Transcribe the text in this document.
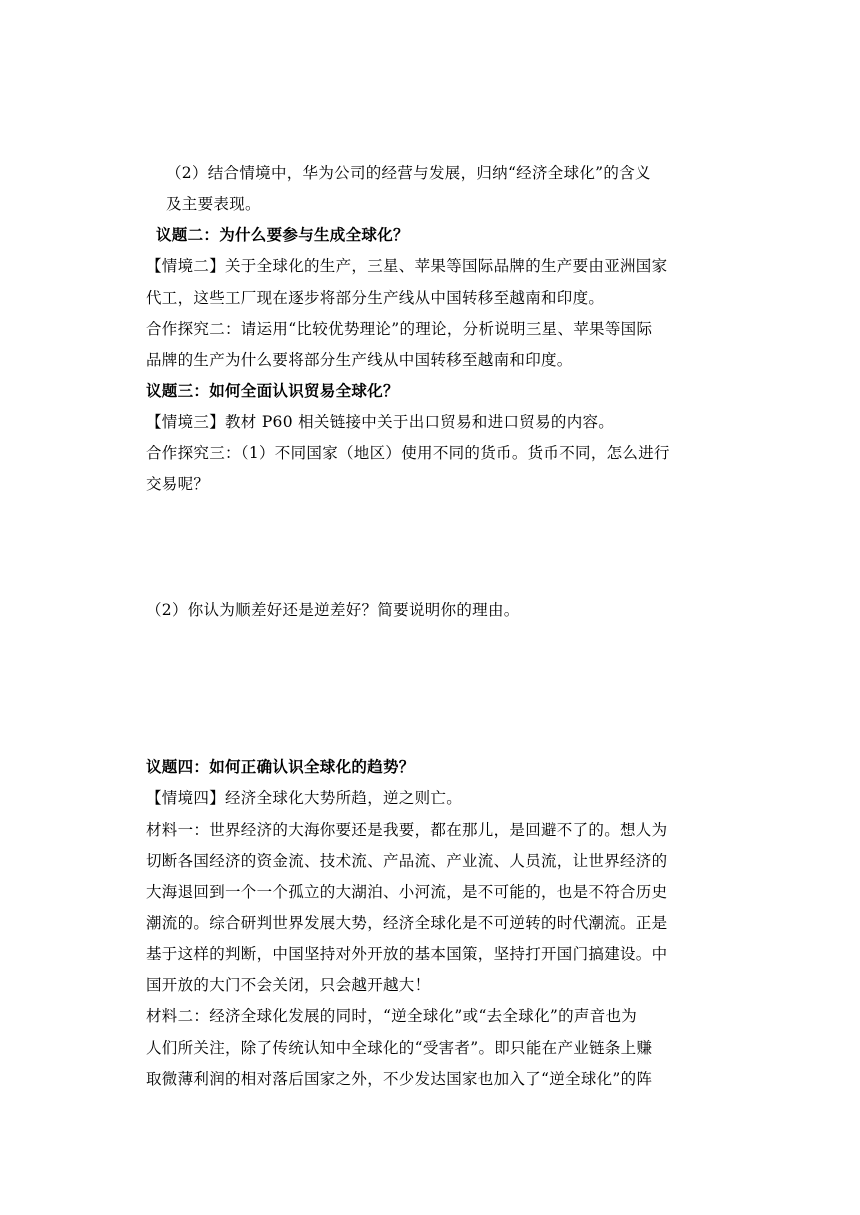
（2）结合情境中，华为公司的经营与发展，归纳“经济全球化”的含义
及主要表现。
议题二：为什么要参与生成全球化？
【情境二】关于全球化的生产，三星、苹果等国际品牌的生产要由亚洲国家
代工，这些工厂现在逐步将部分生产线从中国转移至越南和印度。
合作探究二：请运用“比较优势理论”的理论，分析说明三星、苹果等国际
品牌的生产为什么要将部分生产线从中国转移至越南和印度。
议题三：如何全面认识贸易全球化？
【情境三】教材 P60 相关链接中关于出口贸易和进口贸易的内容。
合作探究三：（1）不同国家（地区）使用不同的货币。货币不同，怎么进行
交易呢？
（2）你认为顺差好还是逆差好？简要说明你的理由。
议题四：如何正确认识全球化的趋势？
【情境四】经济全球化大势所趋，逆之则亡。
材料一：世界经济的大海你要还是我要，都在那儿，是回避不了的。想人为
切断各国经济的资金流、技术流、产品流、产业流、人员流，让世界经济的
大海退回到一个一个孤立的大湖泊、小河流，是不可能的，也是不符合历史
潮流的。综合研判世界发展大势，经济全球化是不可逆转的时代潮流。正是
基于这样的判断，中国坚持对外开放的基本国策，坚持打开国门搞建设。中
国开放的大门不会关闭，只会越开越大！
材料二：经济全球化发展的同时，“逆全球化”或“去全球化”的声音也为
人们所关注，除了传统认知中全球化的“受害者”。即只能在产业链条上赚
取微薄利润的相对落后国家之外，不少发达国家也加入了“逆全球化”的阵
